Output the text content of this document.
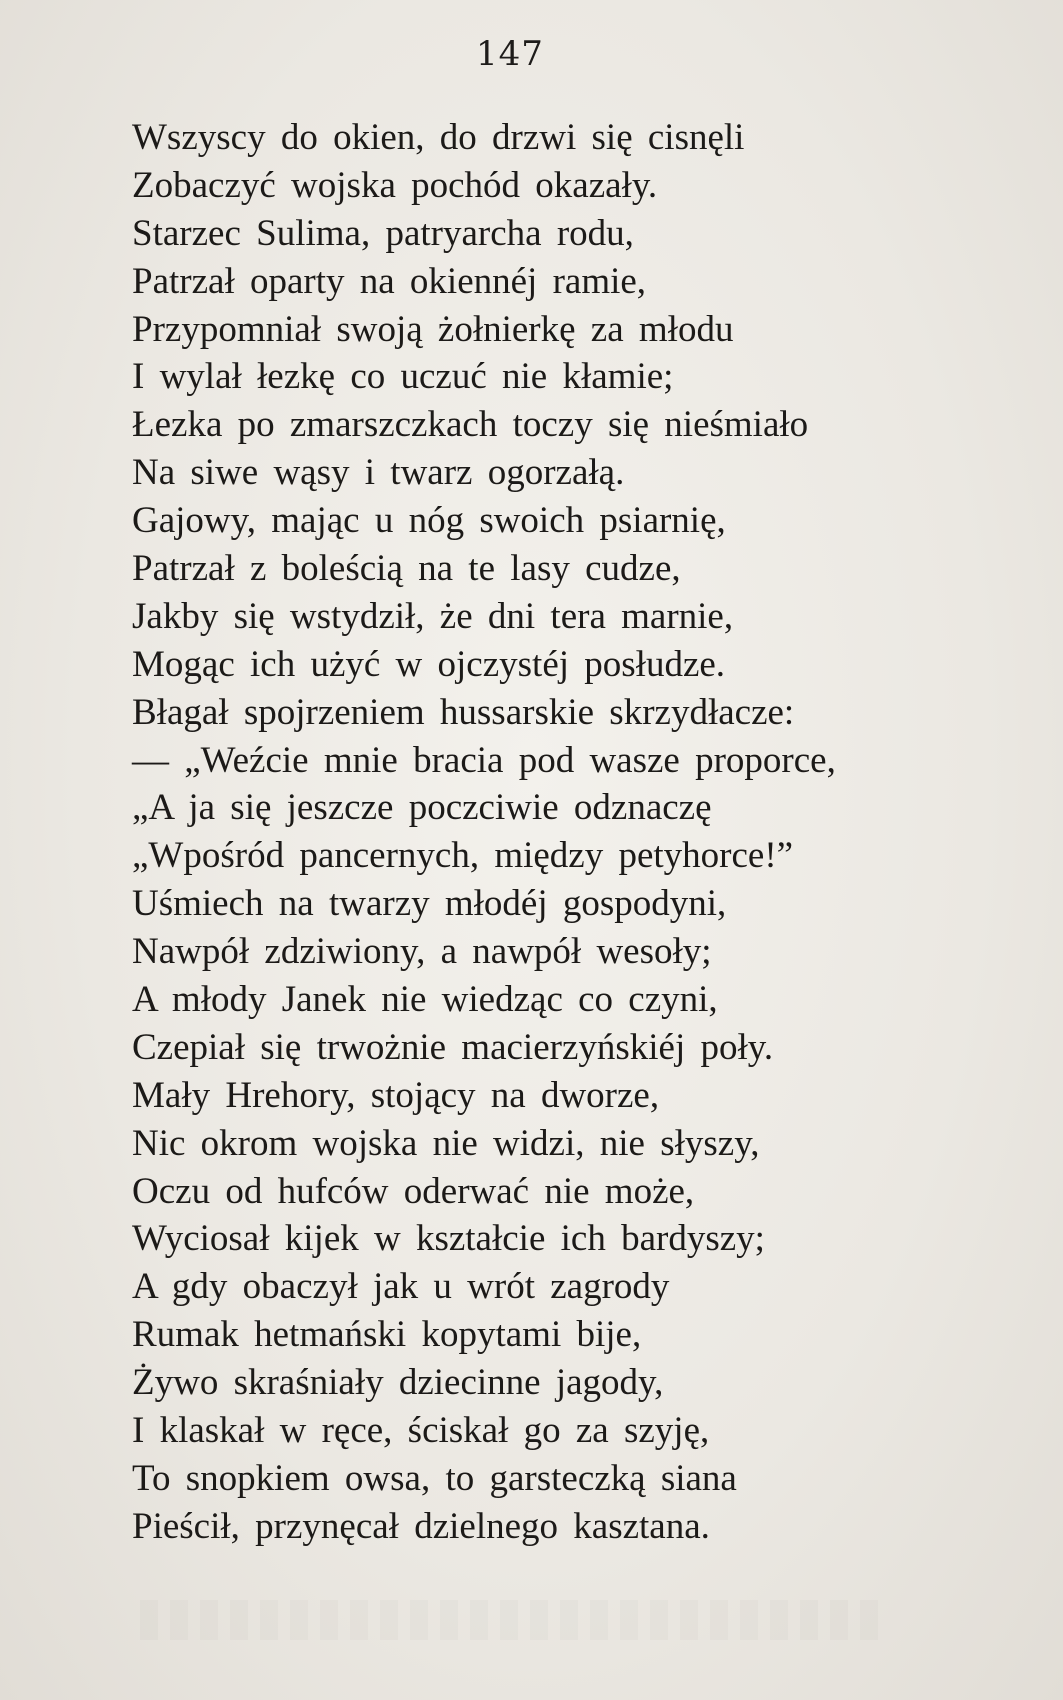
147
Wszyscy do okien, do drzwi się cisnęli
Zobaczyć wojska pochód okazały.
Starzec Sulima, patryarcha rodu,
Patrzał oparty na okiennéj ramie,
Przypomniał swoją żołnierkę za młodu
I wylał łezkę co uczuć nie kłamie;
Łezka po zmarszczkach toczy się nieśmiało
Na siwe wąsy i twarz ogorzałą.
Gajowy, mając u nóg swoich psiarnię,
Patrzał z boleścią na te lasy cudze,
Jakby się wstydził, że dni tera marnie,
Mogąc ich użyć w ojczystéj posłudze.
Błagał spojrzeniem hussarskie skrzydłacze:
— „Weźcie mnie bracia pod wasze proporce,
„A ja się jeszcze poczciwie odznaczę
„Wpośród pancernych, między petyhorce!”
Uśmiech na twarzy młodéj gospodyni,
Nawpół zdziwiony, a nawpół wesoły;
A młody Janek nie wiedząc co czyni,
Czepiał się trwożnie macierzyńskiéj poły.
Mały Hrehory, stojący na dworze,
Nic okrom wojska nie widzi, nie słyszy,
Oczu od hufców oderwać nie może,
Wyciosał kijek w kształcie ich bardyszy;
A gdy obaczył jak u wrót zagrody
Rumak hetmański kopytami bije,
Żywo skraśniały dziecinne jagody,
I klaskał w ręce, ściskał go za szyję,
To snopkiem owsa, to garsteczką siana
Pieścił, przynęcał dzielnego kasztana.
